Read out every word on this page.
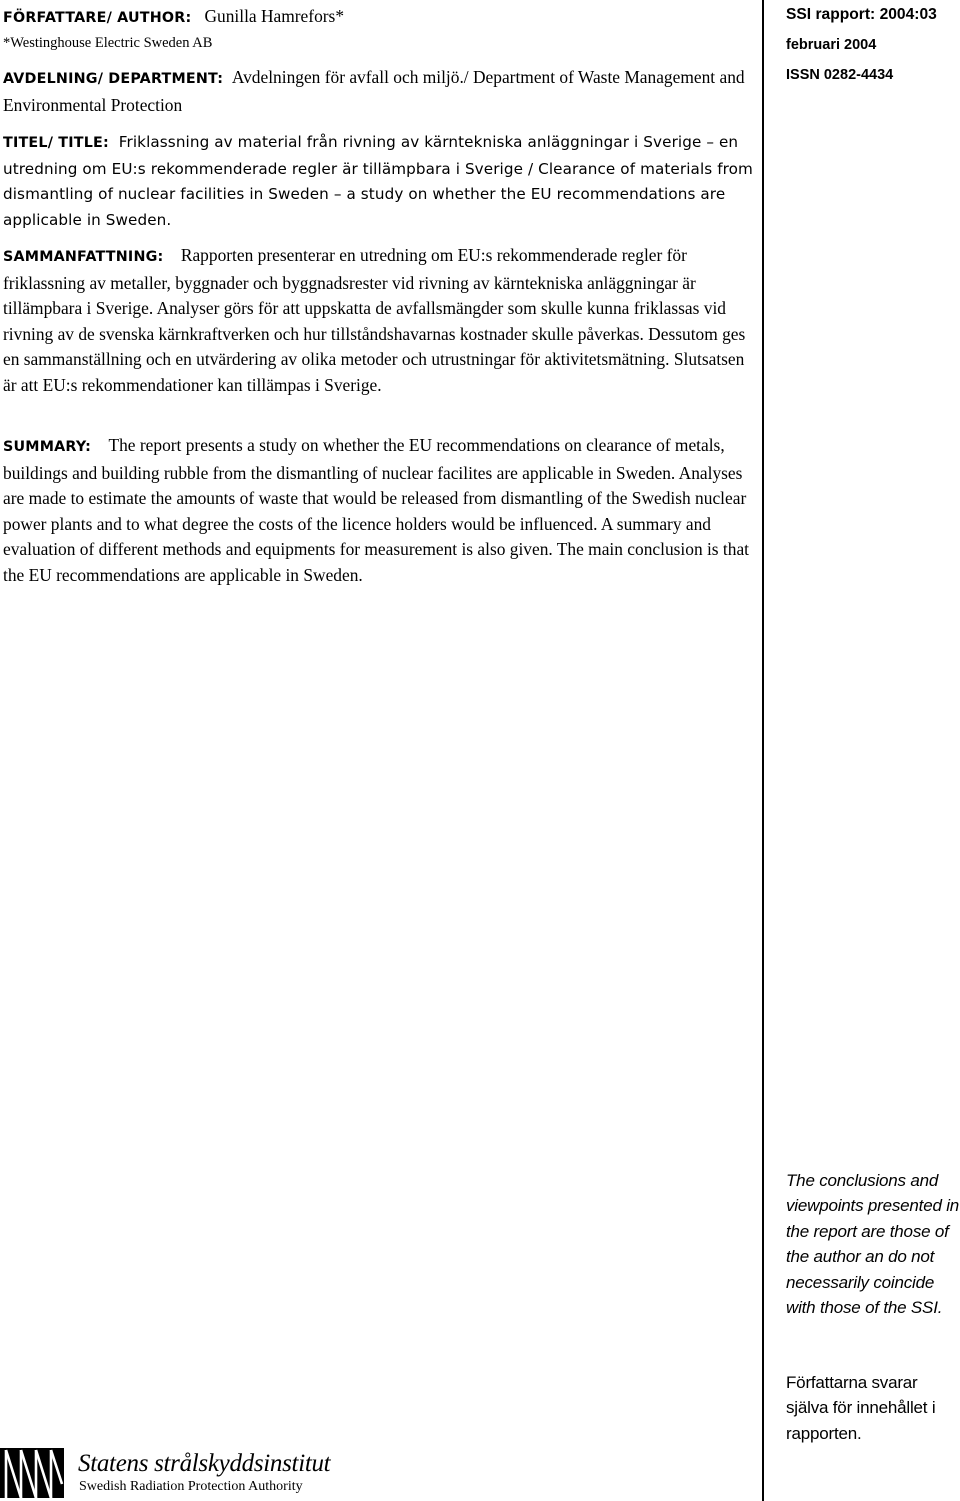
FÖRFATTARE/ AUTHOR: Gunilla Hamrefors*
*Westinghouse Electric Sweden AB

AVDELNING/ DEPARTMENT: Avdelningen för avfall och miljö./ Department of Waste Management and Environmental Protection

TITEL/ TITLE: Friklassning av material från rivning av kärntekniska anläggningar i Sverige – en utredning om EU:s rekommenderade regler är tillämpbara i Sverige / Clearance of materials from dismantling of nuclear facilities in Sweden – a study on whether the EU recommendations are applicable in Sweden.

SAMMANFATTNING: Rapporten presenterar en utredning om EU:s rekommenderade regler för friklassning av metaller, byggnader och byggnadsrester vid rivning av kärntekniska anläggningar är tillämpbara i Sverige. Analyser görs för att uppskatta de avfallsmängder som skulle kunna friklassas vid rivning av de svenska kärnkraftverken och hur tillståndshavarnas kostnader skulle påverkas. Dessutom ges en sammanställning och en utvärdering av olika metoder och utrustningar för aktivitetsmätning. Slutsatsen är att EU:s rekommendationer kan tillämpas i Sverige.

SUMMARY: The report presents a study on whether the EU recommendations on clearance of metals, buildings and building rubble from the dismantling of nuclear facilites are applicable in Sweden. Analyses are made to estimate the amounts of waste that would be released from dismantling of the Swedish nuclear power plants and to what degree the costs of the licence holders would be influenced. A summary and evaluation of different methods and equipments for measurement is also given. The main conclusion is that the EU recommendations are applicable in Sweden.

SSI rapport: 2004:03
februari 2004
ISSN 0282-4434
The conclusions and viewpoints presented in the report are those of the author an do not necessarily coincide with those of the SSI.
Författarna svarar själva för innehållet i rapporten.
Statens strålskyddsinstitut
Swedish Radiation Protection Authority
